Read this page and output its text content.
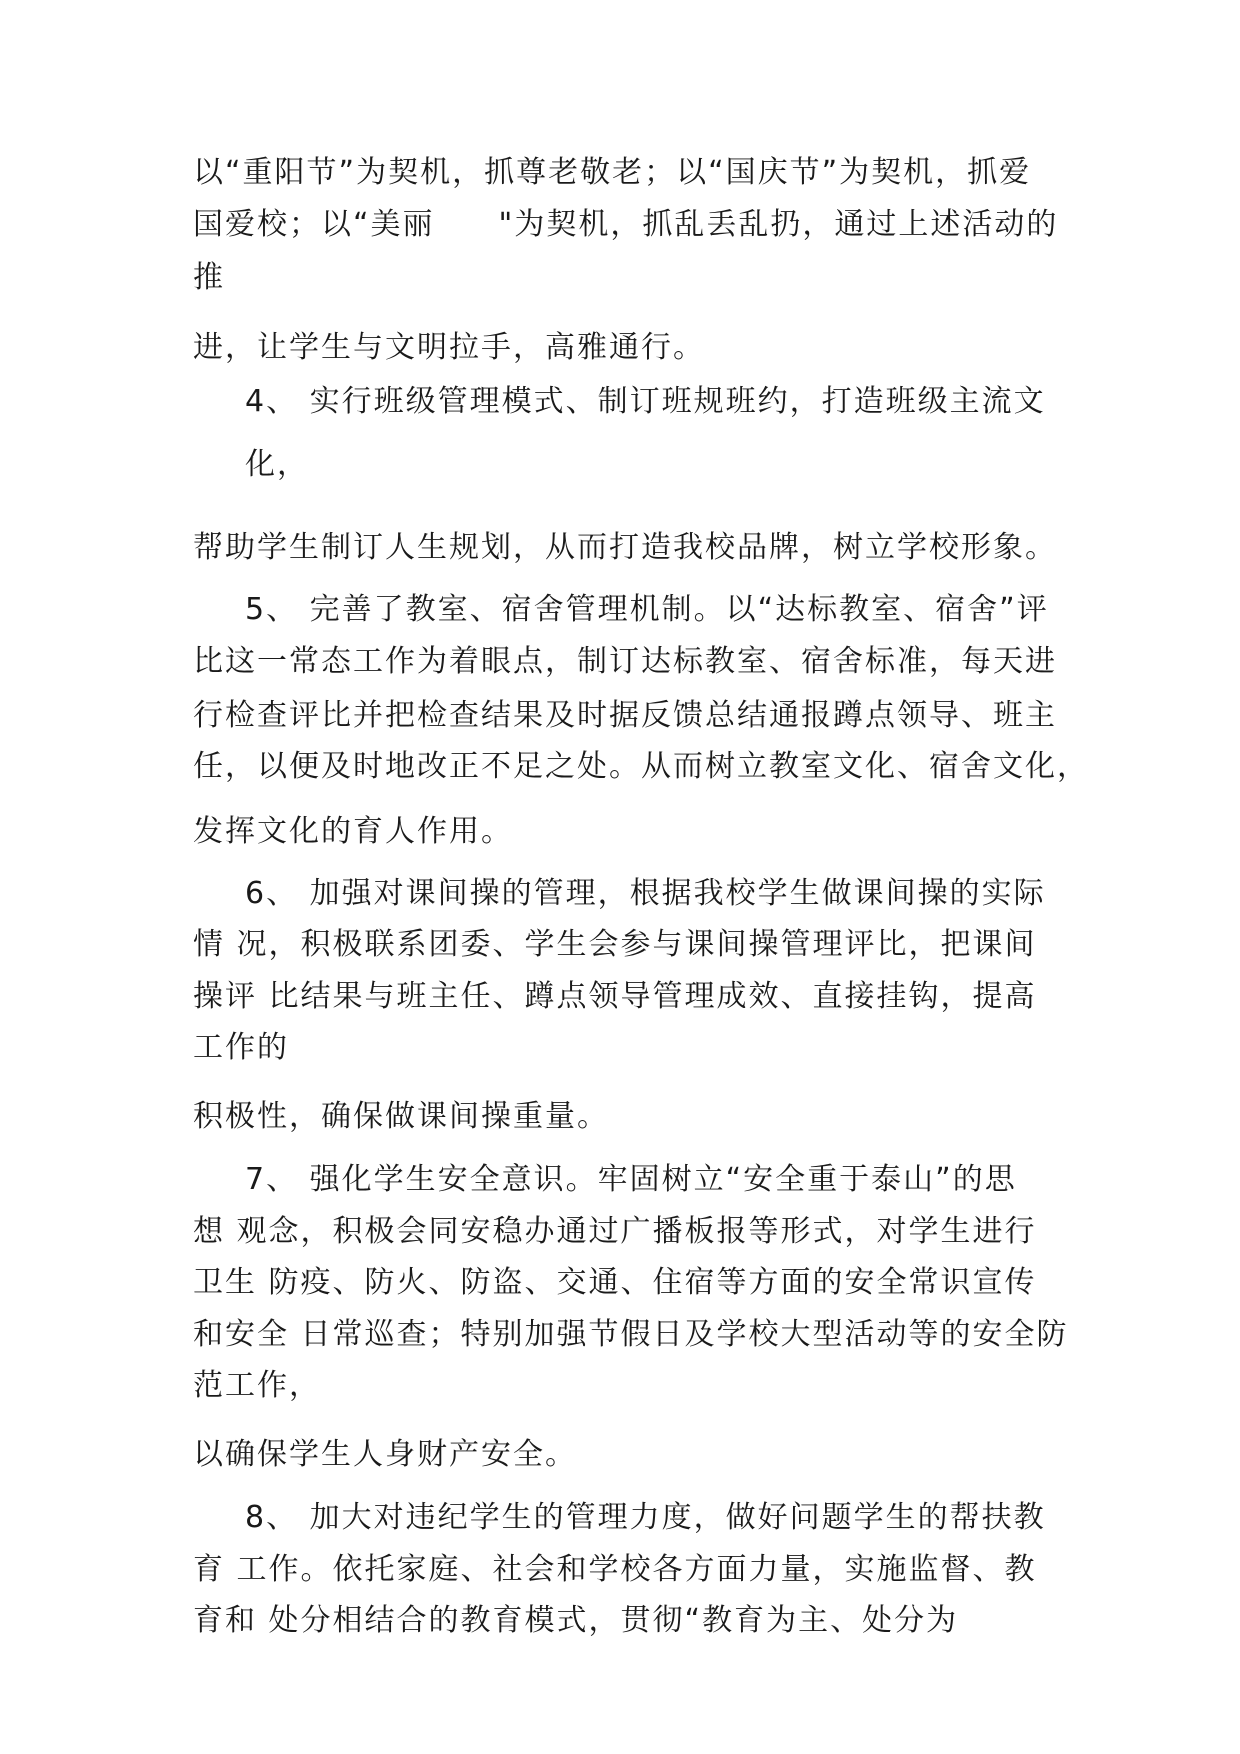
以“重阳节”为契机，抓尊老敬老；以“国庆节”为契机，抓爱

国爱校；以“美丽　　"为契机，抓乱丢乱扔，通过上述活动的

推

进，让学生与文明拉手，高雅通行。

4、 实行班级管理模式、制订班规班约，打造班级主流文

化，

帮助学生制订人生规划，从而打造我校品牌，树立学校形象。

5、 完善了教室、宿舍管理机制。以“达标教室、宿舍”评

比这一常态工作为着眼点，制订达标教室、宿舍标准，每天进

行检查评比并把检查结果及时据反馈总结通报蹲点领导、班主

任，以便及时地改正不足之处。从而树立教室文化、宿舍文化，

发挥文化的育人作用。

6、 加强对课间操的管理，根据我校学生做课间操的实际

情 况，积极联系团委、学生会参与课间操管理评比，把课间

操评 比结果与班主任、蹲点领导管理成效、直接挂钩，提高

工作的

积极性，确保做课间操重量。

7、 强化学生安全意识。牢固树立“安全重于泰山”的思

想 观念，积极会同安稳办通过广播板报等形式，对学生进行

卫生 防疫、防火、防盗、交通、住宿等方面的安全常识宣传

和安全 日常巡查；特别加强节假日及学校大型活动等的安全防

范工作，

以确保学生人身财产安全。

8、 加大对违纪学生的管理力度，做好问题学生的帮扶教

育 工作。依托家庭、社会和学校各方面力量，实施监督、教

育和 处分相结合的教育模式，贯彻“教育为主、处分为
